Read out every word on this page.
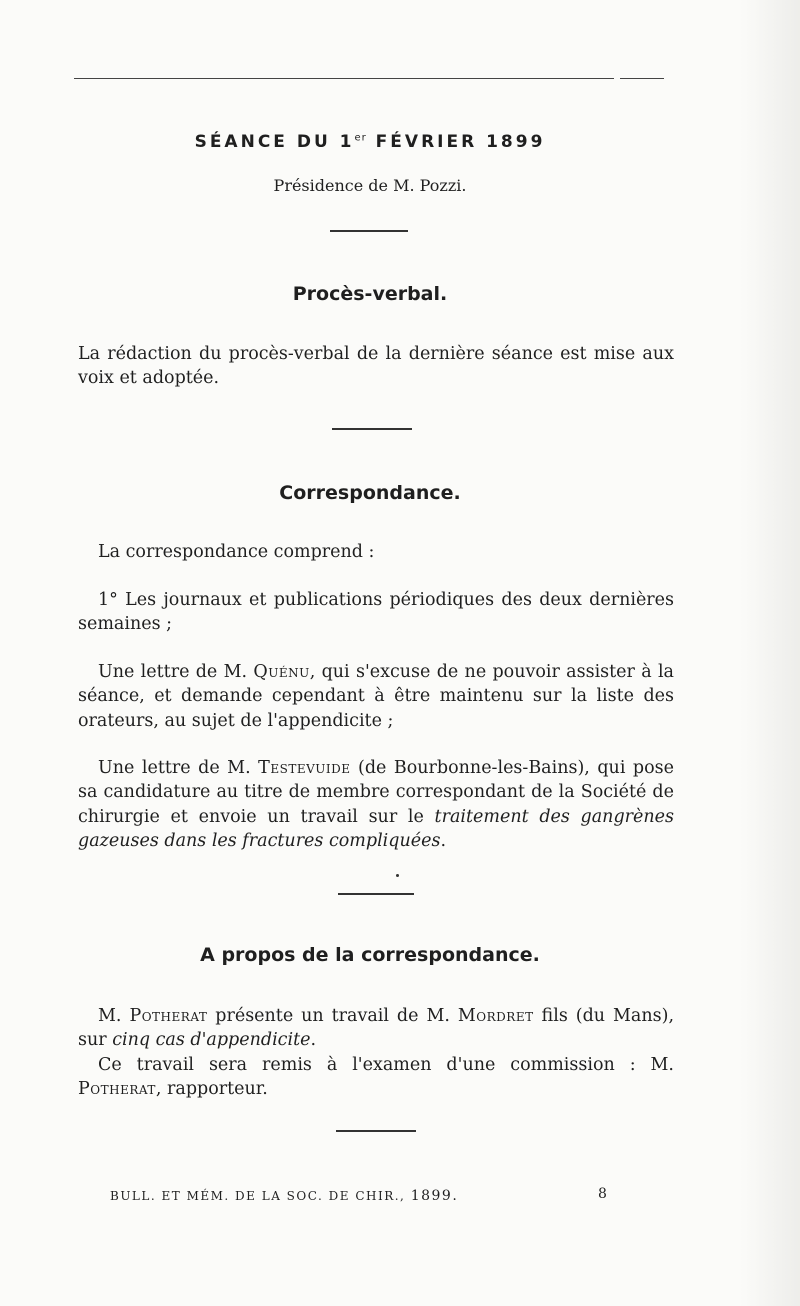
SÉANCE DU 1er FÉVRIER 1899
Présidence de M. Pozzi.
Procès-verbal.

La rédaction du procès-verbal de la dernière séance est mise aux voix et adoptée.

Correspondance.

La correspondance comprend :

1° Les journaux et publications périodiques des deux dernières semaines ;

Une lettre de M. Quénu, qui s'excuse de ne pouvoir assister à la séance, et demande cependant à être maintenu sur la liste des orateurs, au sujet de l'appendicite ;

Une lettre de M. Testevuide (de Bourbonne-les-Bains), qui pose sa candidature au titre de membre correspondant de la Société de chirurgie et envoie un travail sur le traitement des gangrènes gazeuses dans les fractures compliquées.

A propos de la correspondance.

M. Potherat présente un travail de M. Mordret fils (du Mans), sur cinq cas d'appendicite.

Ce travail sera remis à l'examen d'une commission : M. Potherat, rapporteur.

BULL. ET MÉM. DE LA SOC. DE CHIR., 1899.	8
